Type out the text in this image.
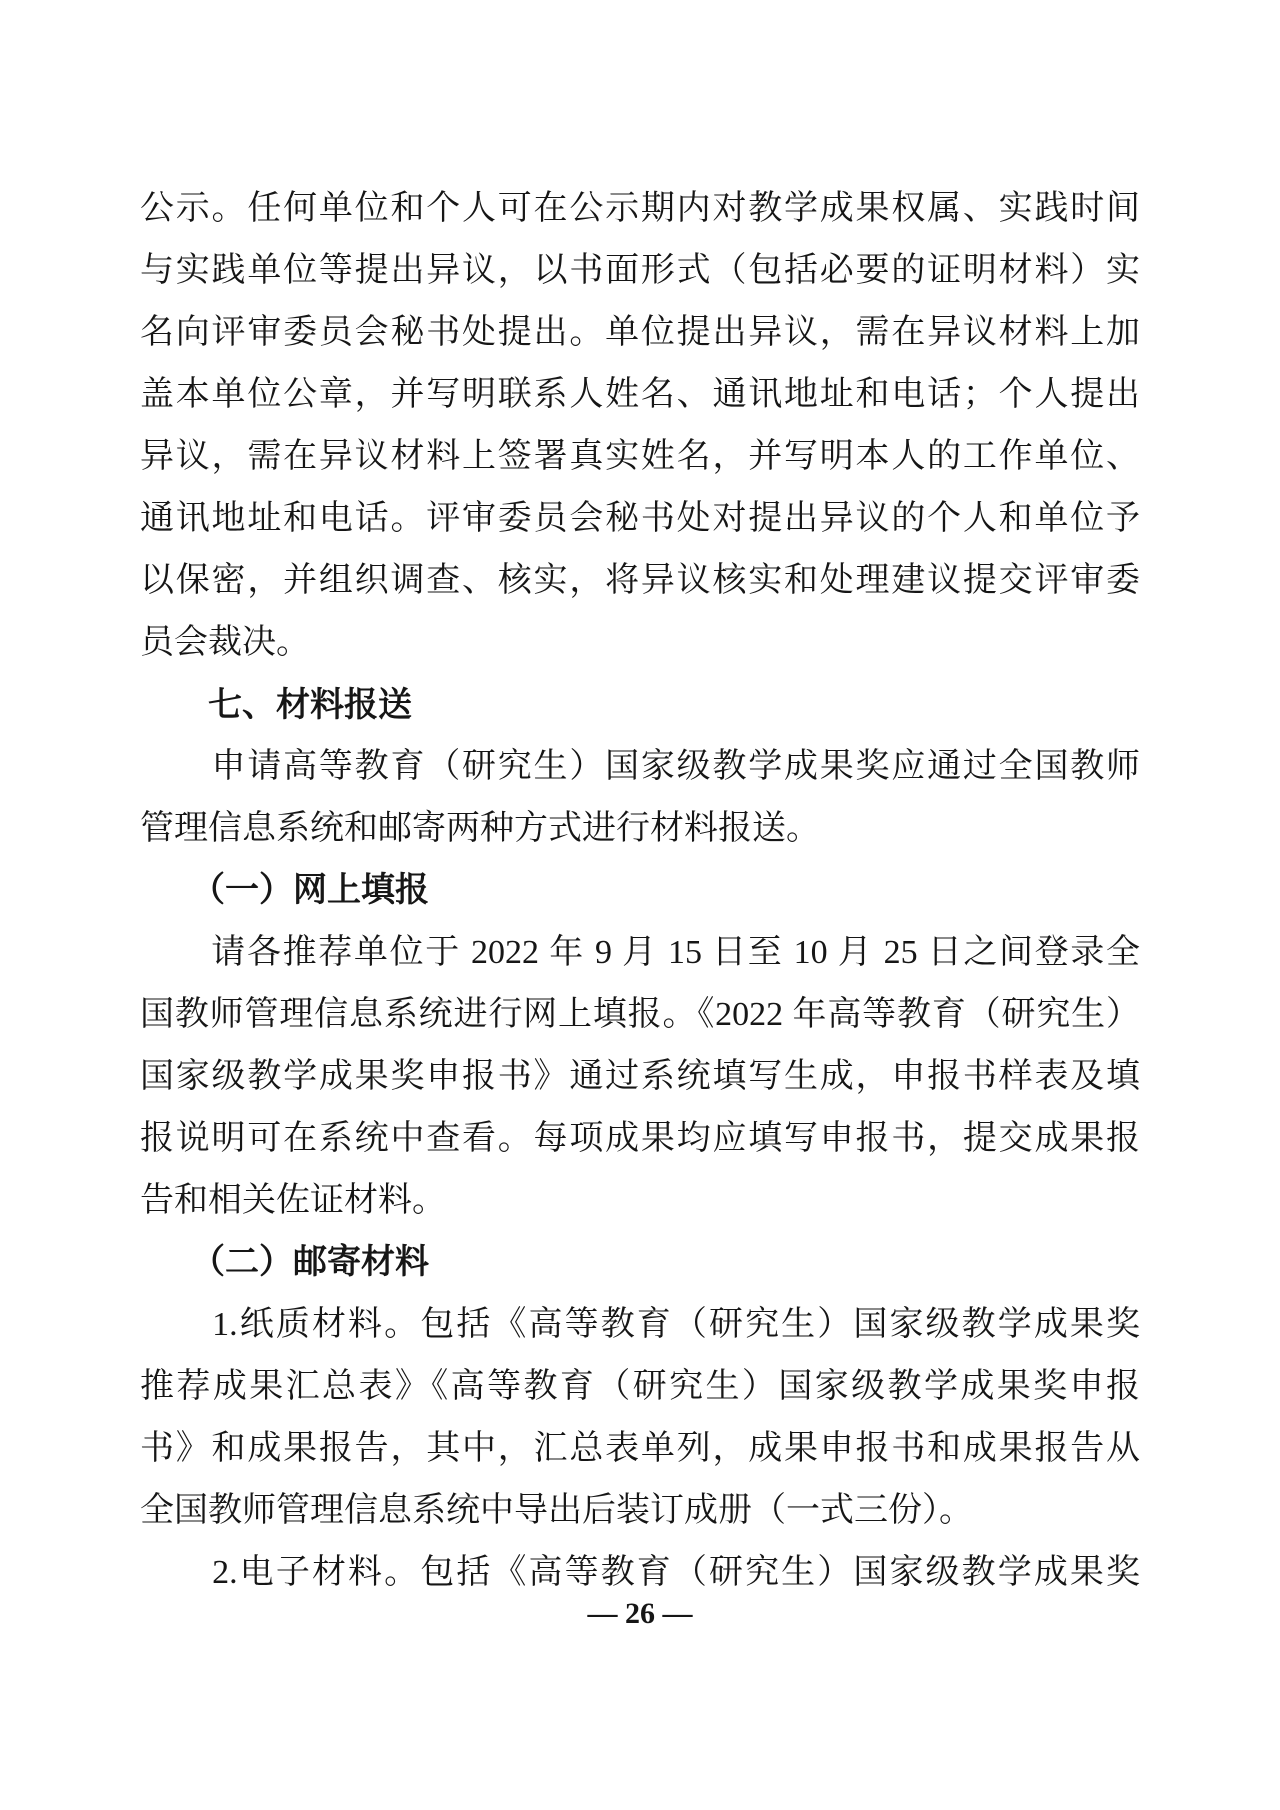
公示。任何单位和个人可在公示期内对教学成果权属、实践时间
与实践单位等提出异议，以书面形式（包括必要的证明材料）实
名向评审委员会秘书处提出。单位提出异议，需在异议材料上加
盖本单位公章，并写明联系人姓名、通讯地址和电话；个人提出
异议，需在异议材料上签署真实姓名，并写明本人的工作单位、
通讯地址和电话。评审委员会秘书处对提出异议的个人和单位予
以保密，并组织调查、核实，将异议核实和处理建议提交评审委
员会裁决。
　　七、材料报送
　　申请高等教育（研究生）国家级教学成果奖应通过全国教师
管理信息系统和邮寄两种方式进行材料报送。
　　（一）网上填报
　　请各推荐单位于 2022 年 9 月 15 日至 10 月 25 日之间登录全
国教师管理信息系统进行网上填报。《2022 年高等教育（研究生）
国家级教学成果奖申报书》通过系统填写生成，申报书样表及填
报说明可在系统中查看。每项成果均应填写申报书，提交成果报
告和相关佐证材料。
　　（二）邮寄材料
　　1.纸质材料。包括《高等教育（研究生）国家级教学成果奖
推荐成果汇总表》《高等教育（研究生）国家级教学成果奖申报
书》和成果报告，其中，汇总表单列，成果申报书和成果报告从
全国教师管理信息系统中导出后装订成册（一式三份）。
　　2.电子材料。包括《高等教育（研究生）国家级教学成果奖
— 26 —
